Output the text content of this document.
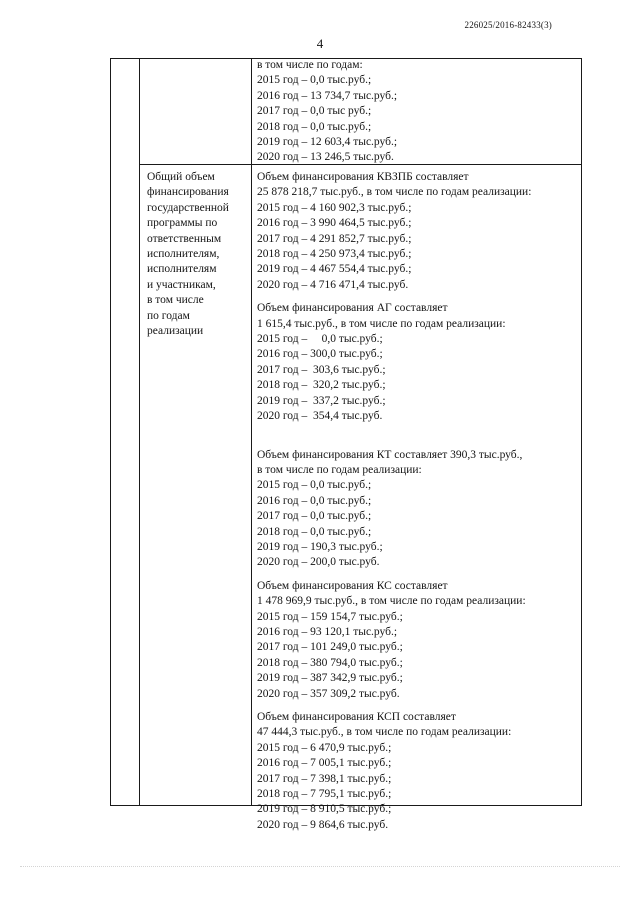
226025/2016-82433(3)
4
в том числе по годам:
2015 год – 0,0 тыс.руб.;
2016 год – 13 734,7 тыс.руб.;
2017 год – 0,0 тыс руб.;
2018 год – 0,0 тыс.руб.;
2019 год – 12 603,4 тыс.руб.;
2020 год – 13 246,5 тыс.руб.
Общий объем
финансирования
государственной
программы по
ответственным
исполнителям,
исполнителям
и участникам,
в том числе
по годам
реализации
Объем финансирования КВЗПБ составляет
25 878 218,7 тыс.руб., в том числе по годам реализации:
2015 год – 4 160 902,3 тыс.руб.;
2016 год – 3 990 464,5 тыс.руб.;
2017 год – 4 291 852,7 тыс.руб.;
2018 год – 4 250 973,4 тыс.руб.;
2019 год – 4 467 554,4 тыс.руб.;
2020 год – 4 716 471,4 тыс.руб.
Объем финансирования АГ составляет
1 615,4 тыс.руб., в том числе по годам реализации:
2015 год –     0,0 тыс.руб.;
2016 год – 300,0 тыс.руб.;
2017 год –  303,6 тыс.руб.;
2018 год –  320,2 тыс.руб.;
2019 год –  337,2 тыс.руб.;
2020 год –  354,4 тыс.руб.
Объем финансирования КТ составляет 390,3 тыс.руб.,
в том числе по годам реализации:
2015 год – 0,0 тыс.руб.;
2016 год – 0,0 тыс.руб.;
2017 год – 0,0 тыс.руб.;
2018 год – 0,0 тыс.руб.;
2019 год – 190,3 тыс.руб.;
2020 год – 200,0 тыс.руб.
Объем финансирования КС составляет
1 478 969,9 тыс.руб., в том числе по годам реализации:
2015 год – 159 154,7 тыс.руб.;
2016 год – 93 120,1 тыс.руб.;
2017 год – 101 249,0 тыс.руб.;
2018 год – 380 794,0 тыс.руб.;
2019 год – 387 342,9 тыс.руб.;
2020 год – 357 309,2 тыс.руб.
Объем финансирования КСП составляет
47 444,3 тыс.руб., в том числе по годам реализации:
2015 год – 6 470,9 тыс.руб.;
2016 год – 7 005,1 тыс.руб.;
2017 год – 7 398,1 тыс.руб.;
2018 год – 7 795,1 тыс.руб.;
2019 год – 8 910,5 тыс.руб.;
2020 год – 9 864,6 тыс.руб.
